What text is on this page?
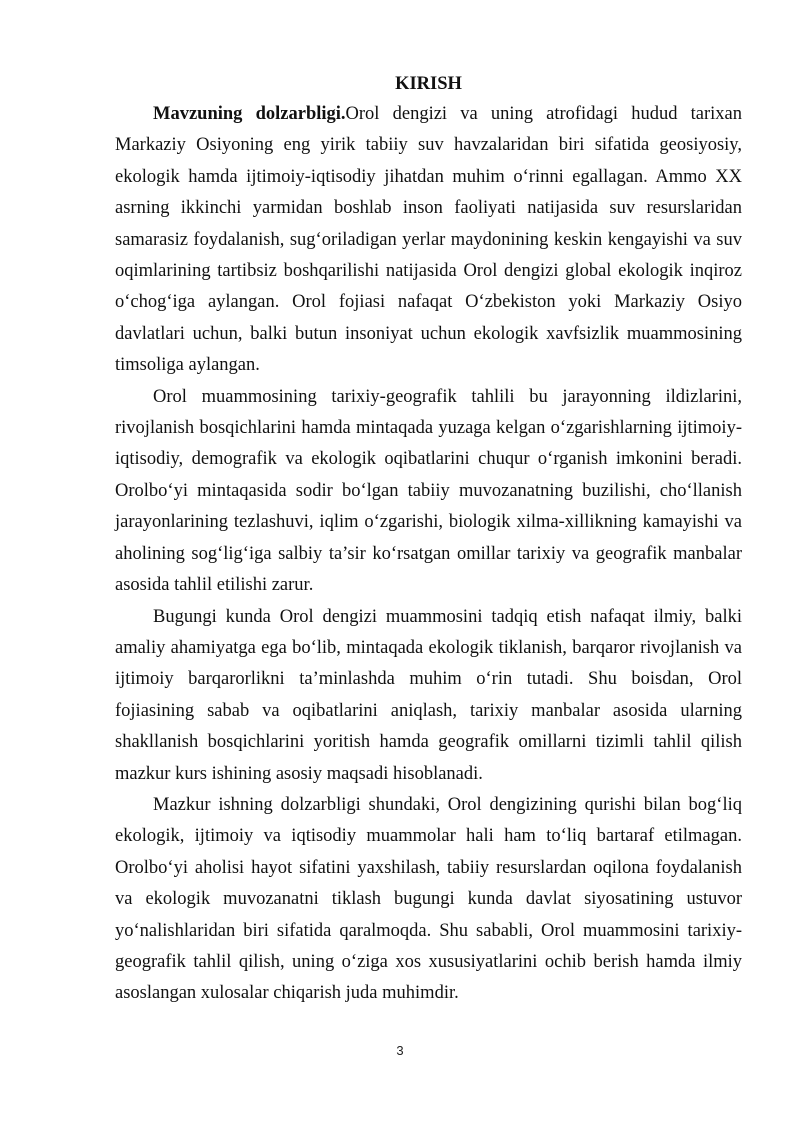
KIRISH

Mavzuning dolzarbligi.Orol dengizi va uning atrofidagi hudud tarixan Markaziy Osiyoning eng yirik tabiiy suv havzalaridan biri sifatida geosiyosiy, ekologik hamda ijtimoiy-iqtisodiy jihatdan muhim o‘rinni egallagan. Ammo XX asrning ikkinchi yarmidan boshlab inson faoliyati natijasida suv resurslaridan samarasiz foydalanish, sug‘oriladigan yerlar maydonining keskin kengayishi va suv oqimlarining tartibsiz boshqarilishi natijasida Orol dengizi global ekologik inqiroz o‘chog‘iga aylangan. Orol fojiasi nafaqat O‘zbekiston yoki Markaziy Osiyo davlatlari uchun, balki butun insoniyat uchun ekologik xavfsizlik muammosining timsoliga aylangan.

Orol muammosining tarixiy-geografik tahlili bu jarayonning ildizlarini, rivojlanish bosqichlarini hamda mintaqada yuzaga kelgan o‘zgarishlarning ijtimoiy-iqtisodiy, demografik va ekologik oqibatlarini chuqur o‘rganish imkonini beradi. Orolbo‘yi mintaqasida sodir bo‘lgan tabiiy muvozanatning buzilishi, cho‘llanish jarayonlarining tezlashuvi, iqlim o‘zgarishi, biologik xilma-xillikning kamayishi va aholining sog‘lig‘iga salbiy ta’sir ko‘rsatgan omillar tarixiy va geografik manbalar asosida tahlil etilishi zarur.

Bugungi kunda Orol dengizi muammosini tadqiq etish nafaqat ilmiy, balki amaliy ahamiyatga ega bo‘lib, mintaqada ekologik tiklanish, barqaror rivojlanish va ijtimoiy barqarorlikni ta’minlashda muhim o‘rin tutadi. Shu boisdan, Orol fojiasining sabab va oqibatlarini aniqlash, tarixiy manbalar asosida ularning shakllanish bosqichlarini yoritish hamda geografik omillarni tizimli tahlil qilish mazkur kurs ishining asosiy maqsadi hisoblanadi.

Mazkur ishning dolzarbligi shundaki, Orol dengizining qurishi bilan bog‘liq ekologik, ijtimoiy va iqtisodiy muammolar hali ham to‘liq bartaraf etilmagan. Orolbo‘yi aholisi hayot sifatini yaxshilash, tabiiy resurslardan oqilona foydalanish va ekologik muvozanatni tiklash bugungi kunda davlat siyosatining ustuvor yo‘nalishlaridan biri sifatida qaralmoqda. Shu sababli, Orol muammosini tarixiy-geografik tahlil qilish, uning o‘ziga xos xususiyatlarini ochib berish hamda ilmiy asoslangan xulosalar chiqarish juda muhimdir.

3
